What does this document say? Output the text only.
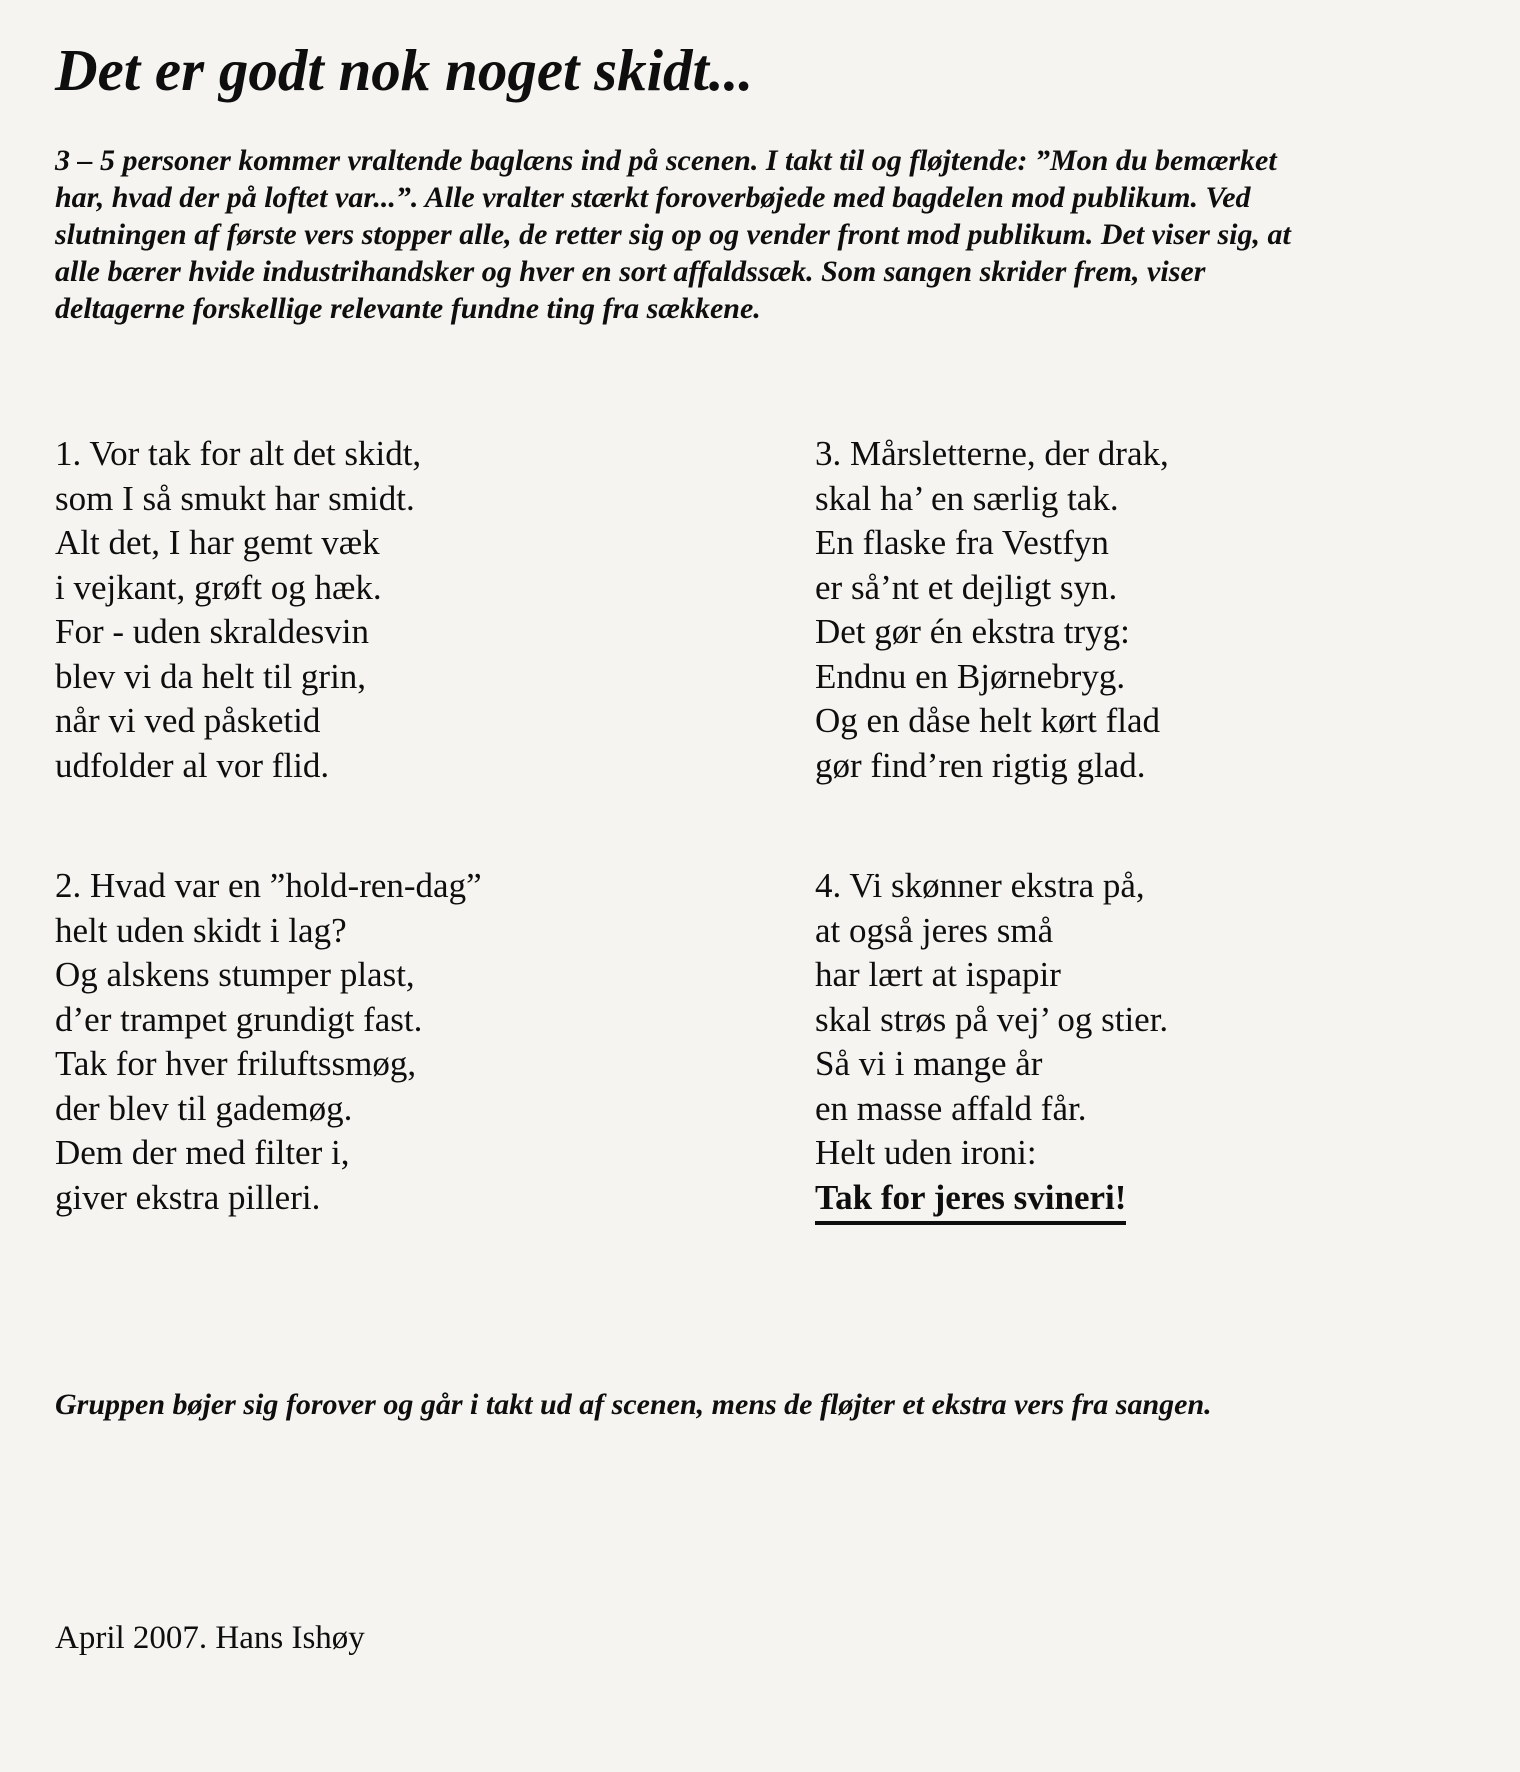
Det er godt nok noget skidt...

3 – 5 personer kommer vraltende baglæns ind på scenen. I takt til og fløjtende: ”Mon du bemærket har, hvad der på loftet var...”. Alle vralter stærkt foroverbøjede med bagdelen mod publikum. Ved slutningen af første vers stopper alle, de retter sig op og vender front mod publikum. Det viser sig, at alle bærer hvide industrihandsker og hver en sort affaldssæk. Som sangen skrider frem, viser deltagerne forskellige relevante fundne ting fra sækkene.

1. Vor tak for alt det skidt,
som I så smukt har smidt.
Alt det, I har gemt væk
i vejkant, grøft og hæk.
For - uden skraldesvin
blev vi da helt til grin,
når vi ved påsketid
udfolder al vor flid.
2. Hvad var en ”hold-ren-dag”
helt uden skidt i lag?
Og alskens stumper plast,
d’er trampet grundigt fast.
Tak for hver friluftssmøg,
der blev til gademøg.
Dem der med filter i,
giver ekstra pilleri.
3. Mårsletterne, der drak,
skal ha’ en særlig tak.
En flaske fra Vestfyn
er så’nt et dejligt syn.
Det gør én ekstra tryg:
Endnu en Bjørnebryg.
Og en dåse helt kørt flad
gør find’ren rigtig glad.
4. Vi skønner ekstra på,
at også jeres små
har lært at ispapir
skal strøs på vej’ og stier.
Så vi i mange år
en masse affald får.
Helt uden ironi:
Tak for jeres svineri!

Gruppen bøjer sig forover og går i takt ud af scenen, mens de fløjter et ekstra vers fra sangen.

April 2007. Hans Ishøy
